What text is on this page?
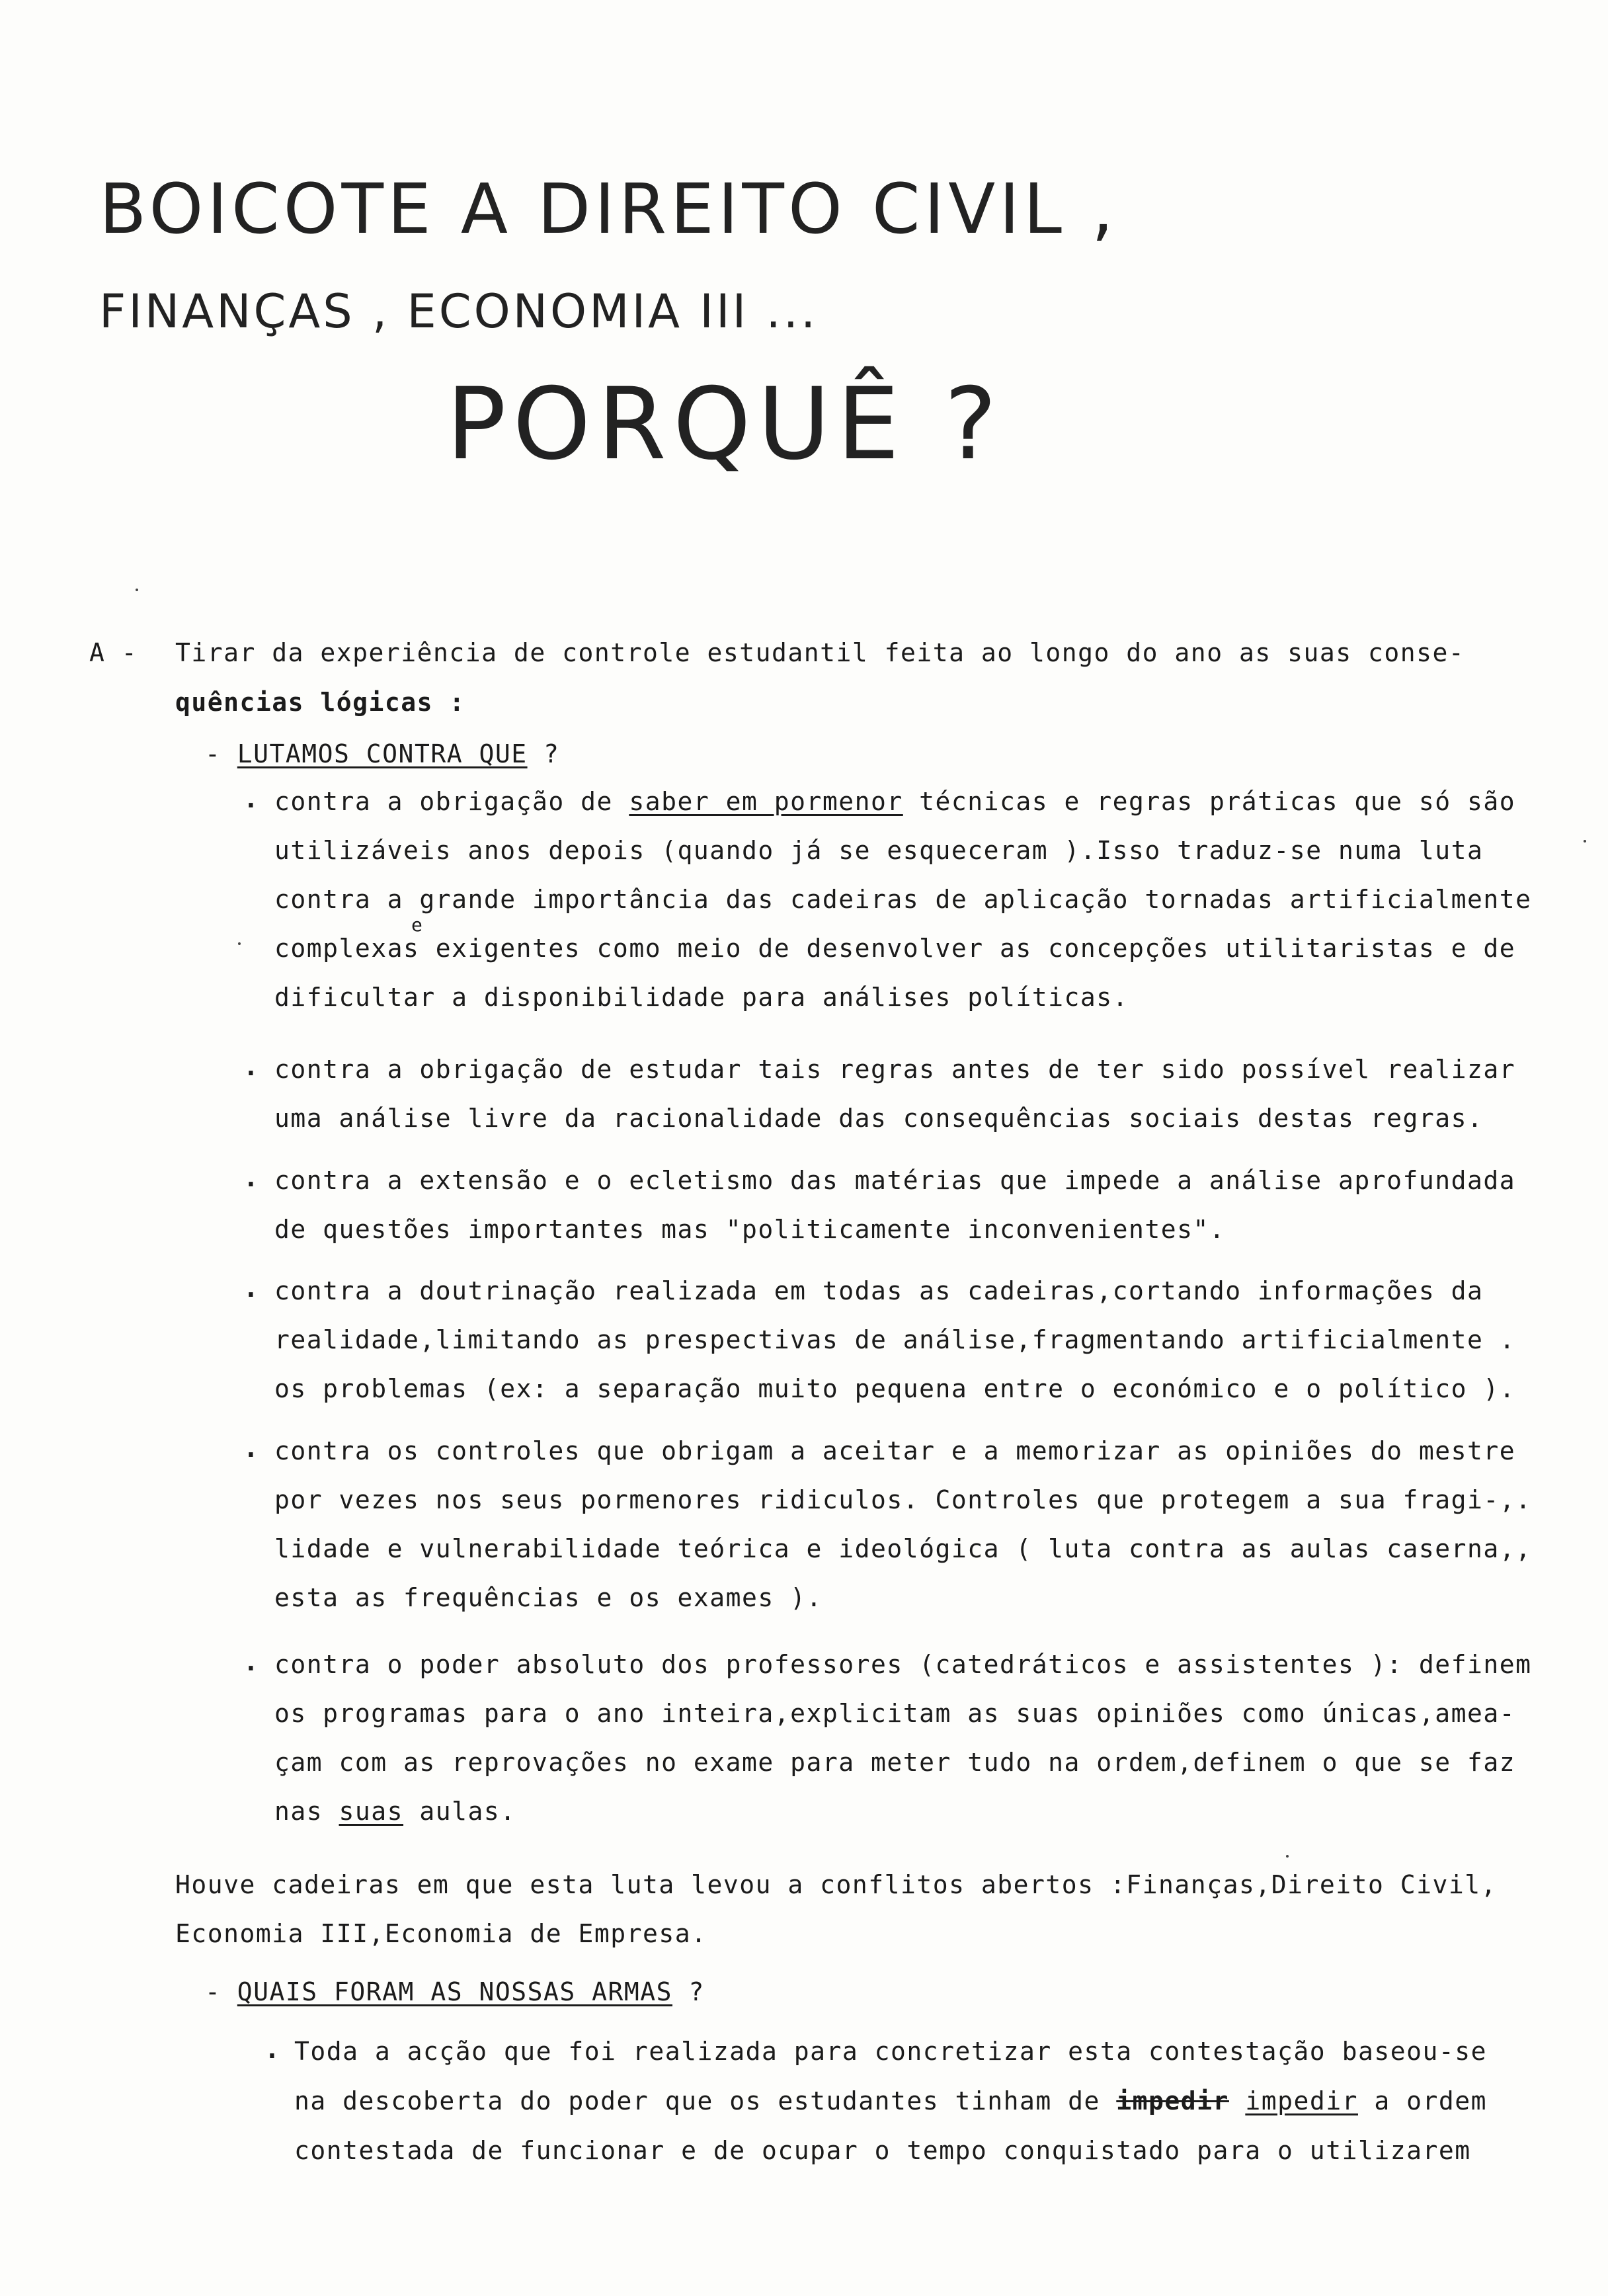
BOICOTE A DIREITO CIVIL ,
FINANÇAS , ECONOMIA III ...
PORQUÊ ?
A - Tirar da experiência de controle estudantil feita ao longo do ano as suas conse-
quências lógicas :
- LUTAMOS CONTRA QUE ?
. contra a obrigação de saber em pormenor técnicas e regras práticas que só são
utilizáveis anos depois (quando já se esqueceram ).Isso traduz-se numa luta
contra a grande importância das cadeiras de aplicação tornadas artificialmente
complexas exigentes como meio de desenvolver as concepções utilitaristas e de
dificultar a disponibilidade para análises políticas.
e
. contra a obrigação de estudar tais regras antes de ter sido possível realizar
uma análise livre da racionalidade das consequências sociais destas regras.
. contra a extensão e o ecletismo das matérias que impede a análise aprofundada
de questões importantes mas "politicamente inconvenientes".
. contra a doutrinação realizada em todas as cadeiras,cortando informações da
realidade,limitando as prespectivas de análise,fragmentando artificialmente .
os problemas (ex: a separação muito pequena entre o económico e o político ).
. contra os controles que obrigam a aceitar e a memorizar as opiniões do mestre
por vezes nos seus pormenores ridiculos. Controles que protegem a sua fragi-,.
lidade e vulnerabilidade teórica e ideológica ( luta contra as aulas caserna,,
esta as frequências e os exames ).
. contra o poder absoluto dos professores (catedráticos e assistentes ): definem
os programas para o ano inteira,explicitam as suas opiniões como únicas,amea-
çam com as reprovações no exame para meter tudo na ordem,definem o que se faz
nas suas aulas.
Houve cadeiras em que esta luta levou a conflitos abertos :Finanças,Direito Civil,
Economia III,Economia de Empresa.
- QUAIS FORAM AS NOSSAS ARMAS ?
. Toda a acção que foi realizada para concretizar esta contestação baseou-se
na descoberta do poder que os estudantes tinham de impedir impedir a ordem
contestada de funcionar e de ocupar o tempo conquistado para o utilizarem
